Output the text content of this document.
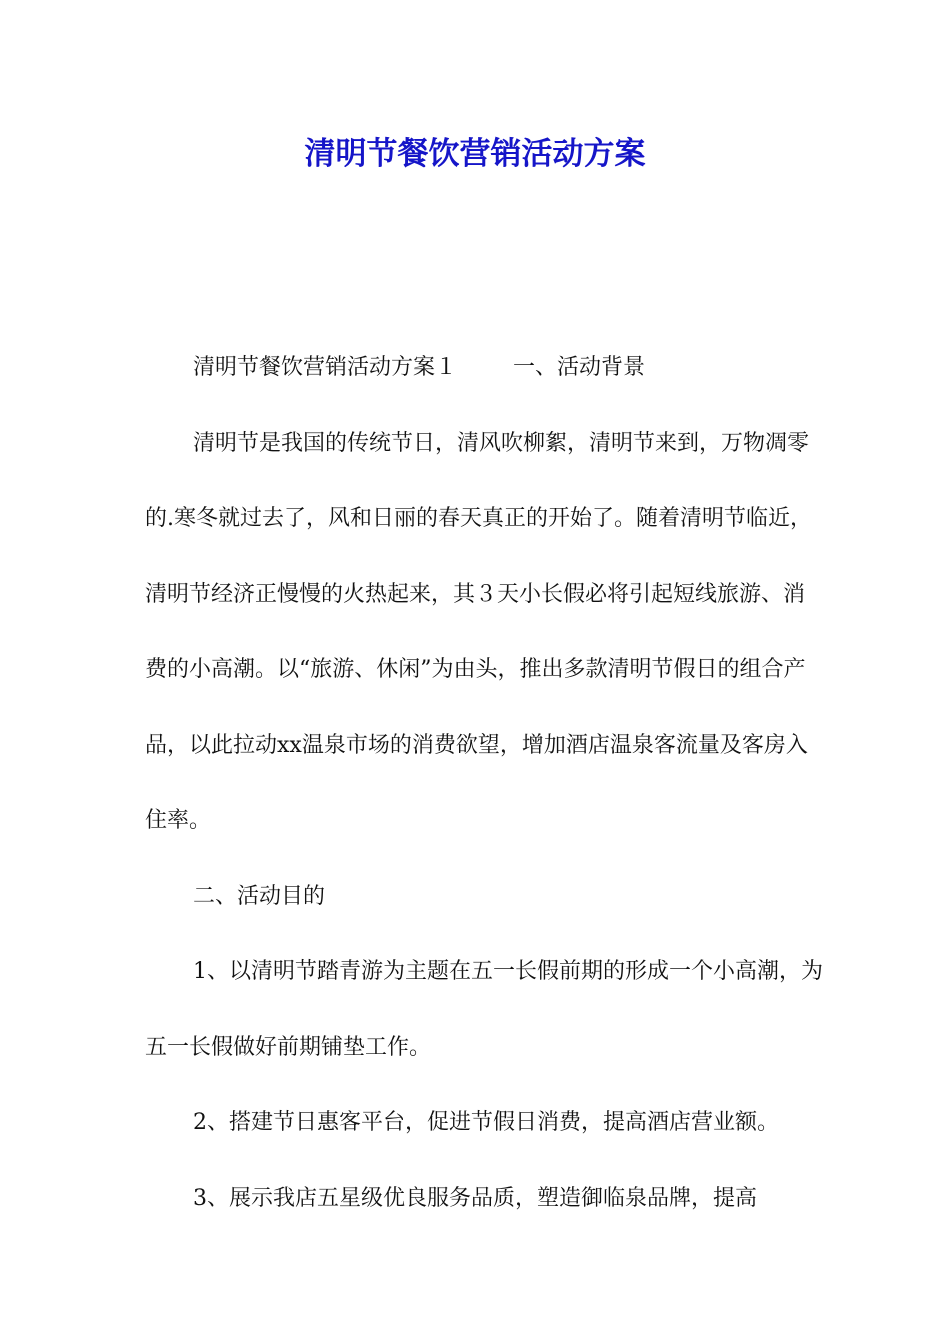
清明节餐饮营销活动方案

清明节餐饮营销活动方案１	一、活动背景

清明节是我国的传统节日，清风吹柳絮，清明节来到，万物凋零的.寒冬就过去了，风和日丽的春天真正的开始了。随着清明节临近，清明节经济正慢慢的火热起来，其３天小长假必将引起短线旅游、消费的小高潮。以“旅游、休闲”为由头，推出多款清明节假日的组合产品，以此拉动xx温泉市场的消费欲望，增加酒店温泉客流量及客房入住率。

二、活动目的

1、以清明节踏青游为主题在五一长假前期的形成一个小高潮，为五一长假做好前期铺垫工作。

2、搭建节日惠客平台，促进节假日消费，提高酒店营业额。

3、展示我店五星级优良服务品质，塑造御临泉品牌，提高
